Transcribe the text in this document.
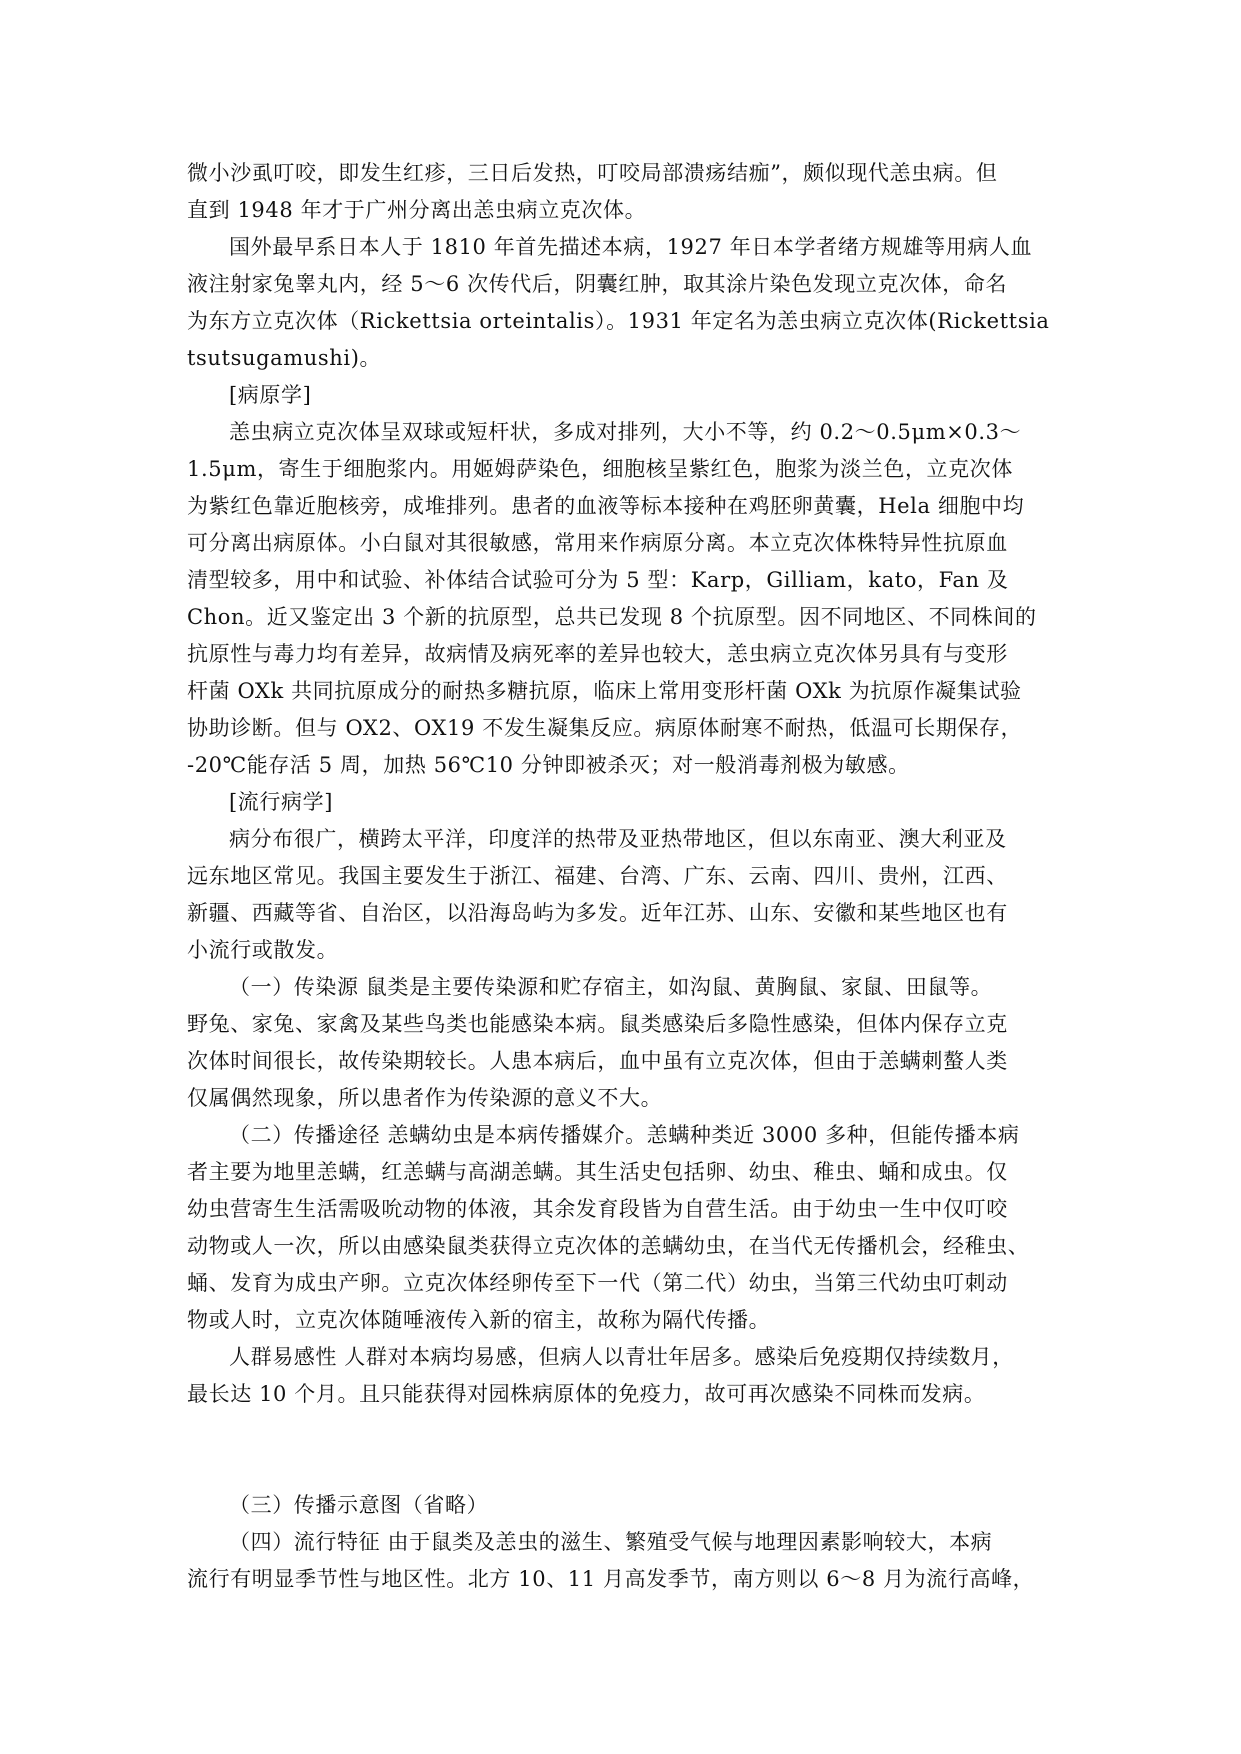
微小沙虱叮咬，即发生红疹，三日后发热，叮咬局部溃疡结痂”，颇似现代恙虫病。但
直到 1948 年才于广州分离出恙虫病立克次体。
国外最早系日本人于 1810 年首先描述本病，1927 年日本学者绪方规雄等用病人血
液注射家兔睾丸内，经 5～6 次传代后，阴囊红肿，取其涂片染色发现立克次体，命名
为东方立克次体（Rickettsia orteintalis）。1931 年定名为恙虫病立克次体(Rickettsia
tsutsugamushi)。
[病原学]
恙虫病立克次体呈双球或短杆状，多成对排列，大小不等，约 0.2～0.5μm×0.3～
1.5μm，寄生于细胞浆内。用姬姆萨染色，细胞核呈紫红色，胞浆为淡兰色，立克次体
为紫红色靠近胞核旁，成堆排列。患者的血液等标本接种在鸡胚卵黄囊，Hela 细胞中均
可分离出病原体。小白鼠对其很敏感，常用来作病原分离。本立克次体株特异性抗原血
清型较多，用中和试验、补体结合试验可分为 5 型：Karp，Gilliam，kato，Fan 及
Chon。近又鉴定出 3 个新的抗原型，总共已发现 8 个抗原型。因不同地区、不同株间的
抗原性与毒力均有差异，故病情及病死率的差异也较大，恙虫病立克次体另具有与变形
杆菌 OXk 共同抗原成分的耐热多糖抗原，临床上常用变形杆菌 OXk 为抗原作凝集试验
协助诊断。但与 OX2、OX19 不发生凝集反应。病原体耐寒不耐热，低温可长期保存，
-20℃能存活 5 周，加热 56℃10 分钟即被杀灭；对一般消毒剂极为敏感。
[流行病学]
病分布很广，横跨太平洋，印度洋的热带及亚热带地区，但以东南亚、澳大利亚及
远东地区常见。我国主要发生于浙江、福建、台湾、广东、云南、四川、贵州，江西、
新疆、西藏等省、自治区，以沿海岛屿为多发。近年江苏、山东、安徽和某些地区也有
小流行或散发。
（一）传染源 鼠类是主要传染源和贮存宿主，如沟鼠、黄胸鼠、家鼠、田鼠等。
野兔、家兔、家禽及某些鸟类也能感染本病。鼠类感染后多隐性感染，但体内保存立克
次体时间很长，故传染期较长。人患本病后，血中虽有立克次体，但由于恙螨刺螯人类
仅属偶然现象，所以患者作为传染源的意义不大。
（二）传播途径 恙螨幼虫是本病传播媒介。恙螨种类近 3000 多种，但能传播本病
者主要为地里恙螨，红恙螨与高湖恙螨。其生活史包括卵、幼虫、稚虫、蛹和成虫。仅
幼虫营寄生生活需吸吮动物的体液，其余发育段皆为自营生活。由于幼虫一生中仅叮咬
动物或人一次，所以由感染鼠类获得立克次体的恙螨幼虫，在当代无传播机会，经稚虫、
蛹、发育为成虫产卵。立克次体经卵传至下一代（第二代）幼虫，当第三代幼虫叮刺动
物或人时，立克次体随唾液传入新的宿主，故称为隔代传播。
人群易感性 人群对本病均易感，但病人以青壮年居多。感染后免疫期仅持续数月，
最长达 10 个月。且只能获得对园株病原体的免疫力，故可再次感染不同株而发病。
（三）传播示意图（省略）
（四）流行特征 由于鼠类及恙虫的滋生、繁殖受气候与地理因素影响较大，本病
流行有明显季节性与地区性。北方 10、11 月高发季节，南方则以 6～8 月为流行高峰，
